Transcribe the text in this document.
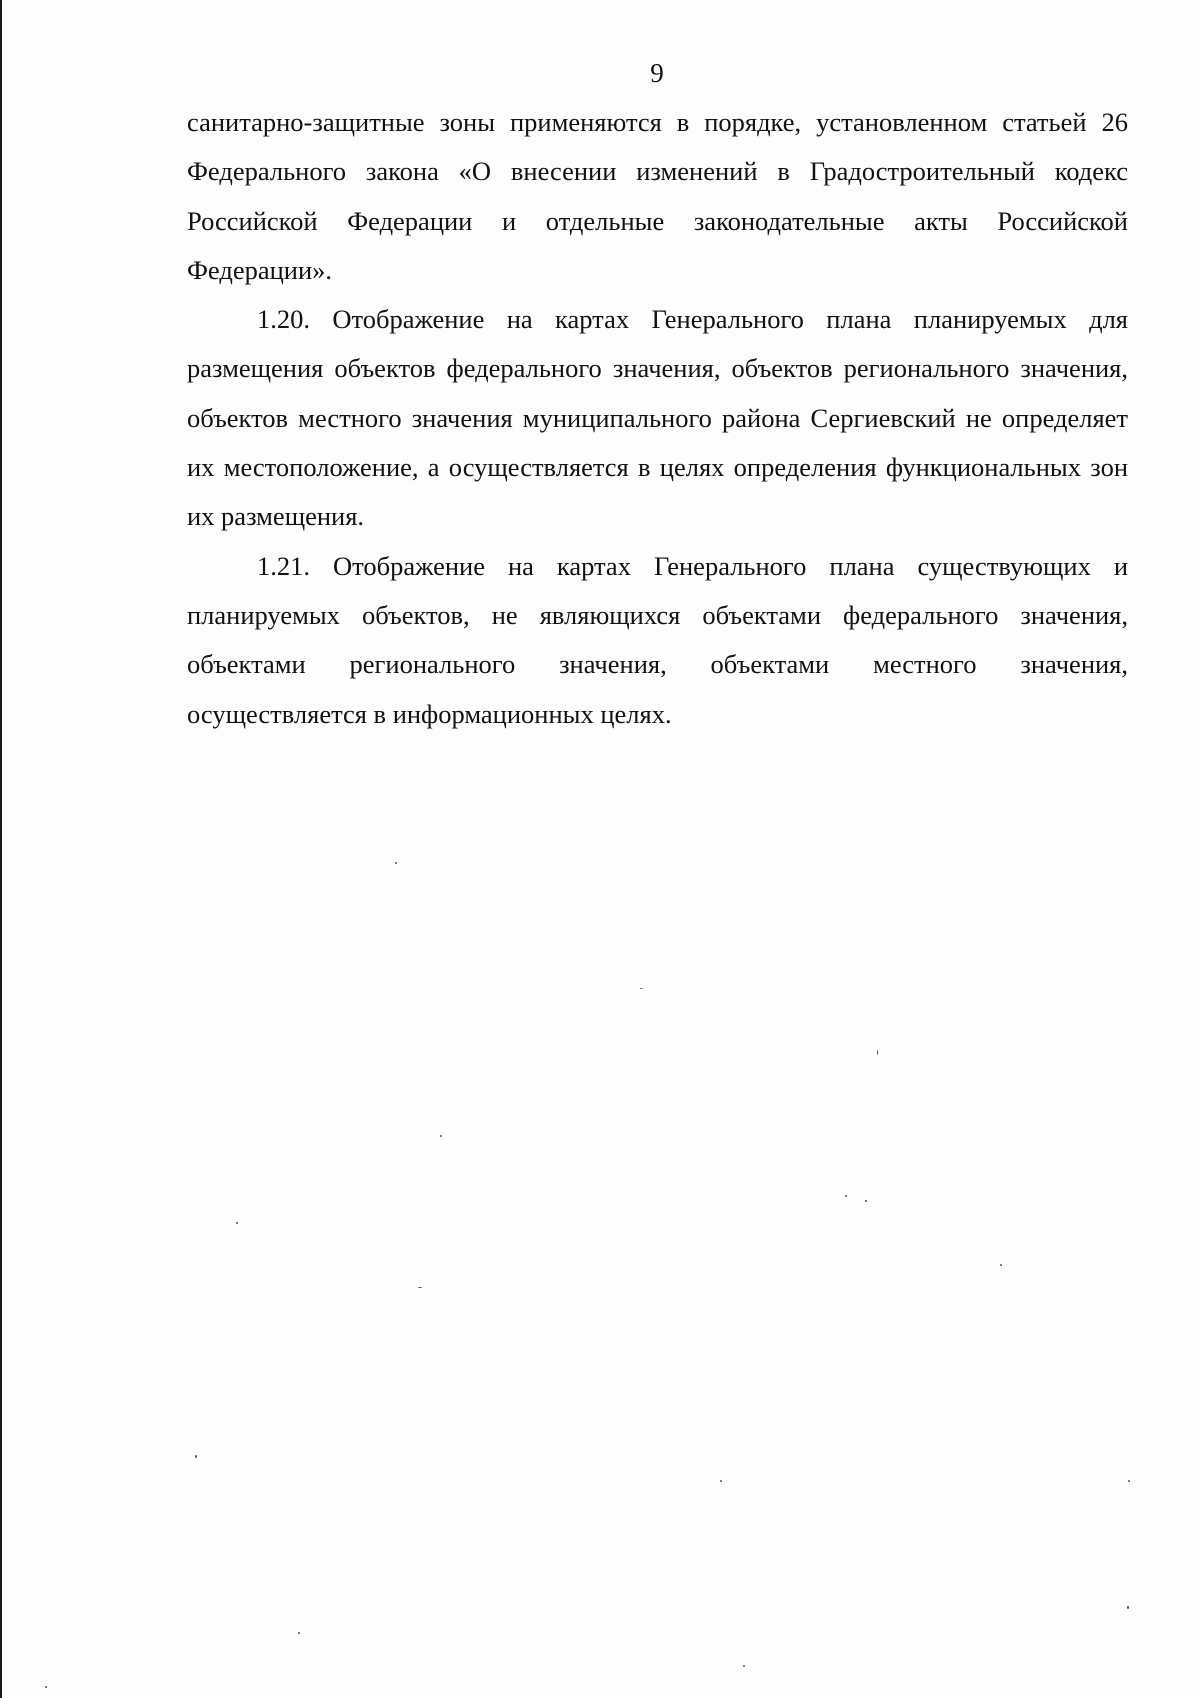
9

санитарно-защитные зоны применяются в порядке, установленном статьей 26 Федерального закона «О внесении изменений в Градостроительный кодекс Российской Федерации и отдельные законодательные акты Российской Федерации».

1.20. Отображение на картах Генерального плана планируемых для размещения объектов федерального значения, объектов регионального значения, объектов местного значения муниципального района Сергиевский не определяет их местоположение, а осуществляется в целях определения функциональных зон их размещения.

1.21. Отображение на картах Генерального плана существующих и планируемых объектов, не являющихся объектами федерального значения, объектами регионального значения, объектами местного значения, осуществляется в информационных целях.
